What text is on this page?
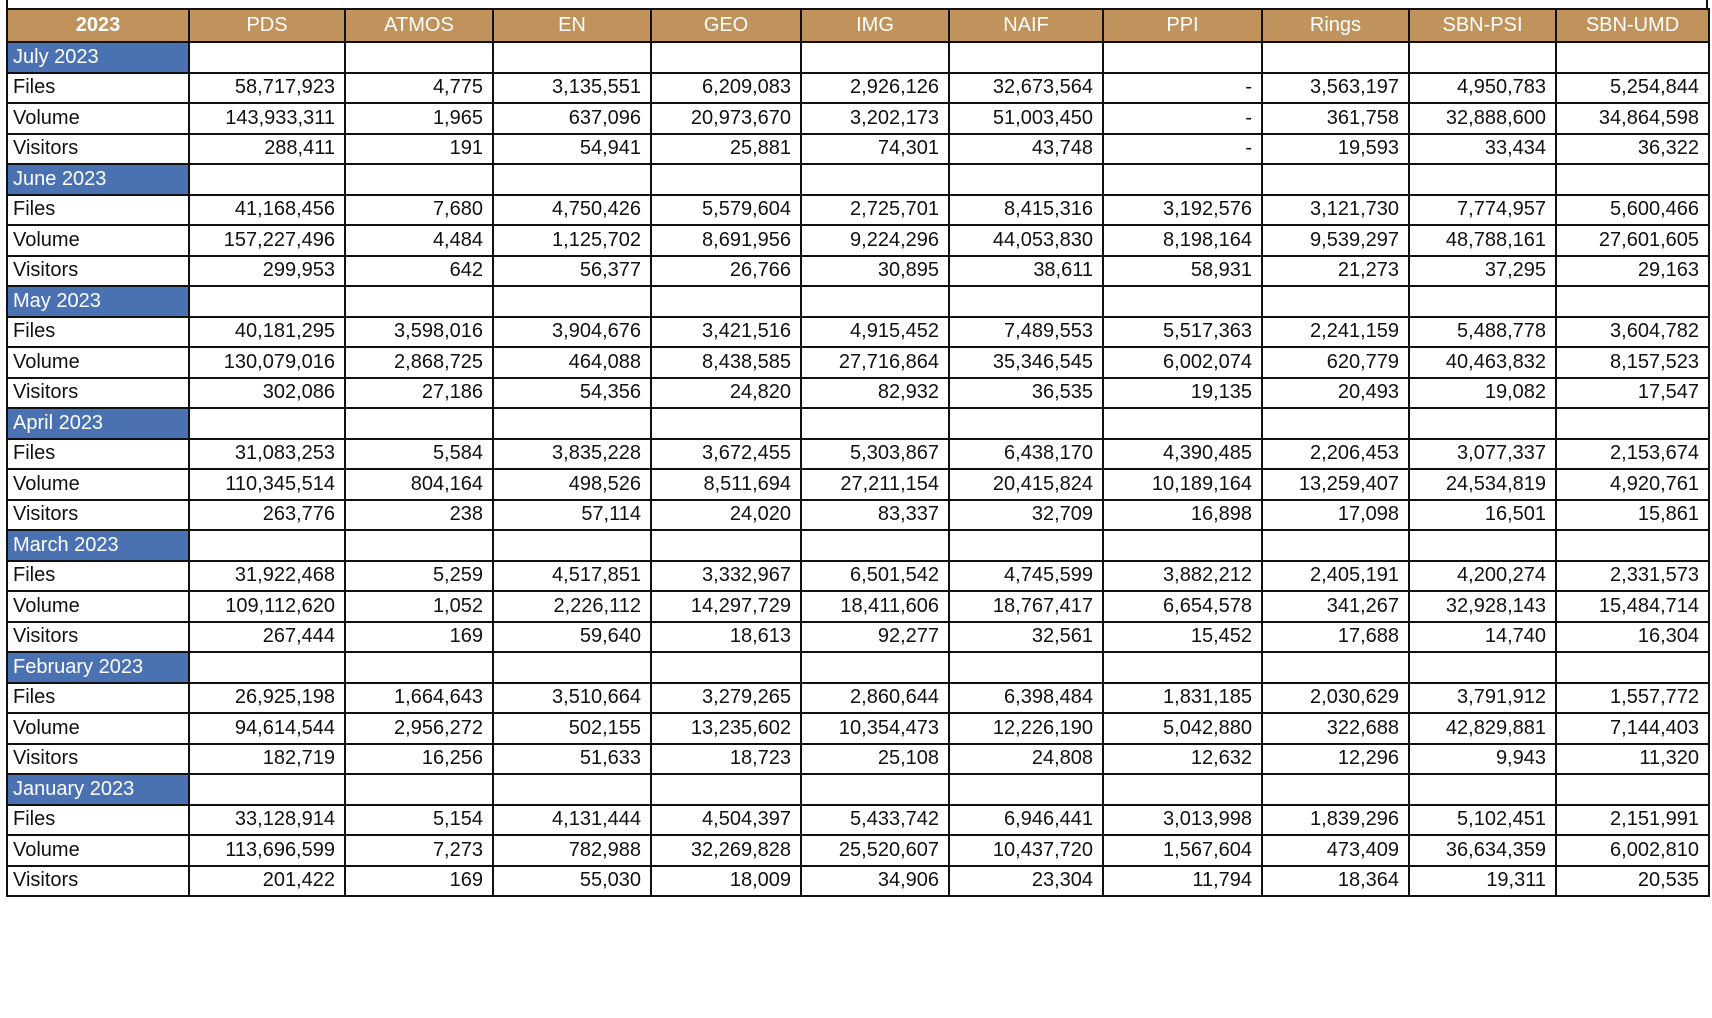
2023	PDS	ATMOS	EN	GEO	IMG	NAIF	PPI	Rings	SBN-PSI	SBN-UMD
July 2023										
Files	58,717,923	4,775	3,135,551	6,209,083	2,926,126	32,673,564	-	3,563,197	4,950,783	5,254,844
Volume	143,933,311	1,965	637,096	20,973,670	3,202,173	51,003,450	-	361,758	32,888,600	34,864,598
Visitors	288,411	191	54,941	25,881	74,301	43,748	-	19,593	33,434	36,322
June 2023										
Files	41,168,456	7,680	4,750,426	5,579,604	2,725,701	8,415,316	3,192,576	3,121,730	7,774,957	5,600,466
Volume	157,227,496	4,484	1,125,702	8,691,956	9,224,296	44,053,830	8,198,164	9,539,297	48,788,161	27,601,605
Visitors	299,953	642	56,377	26,766	30,895	38,611	58,931	21,273	37,295	29,163
May 2023										
Files	40,181,295	3,598,016	3,904,676	3,421,516	4,915,452	7,489,553	5,517,363	2,241,159	5,488,778	3,604,782
Volume	130,079,016	2,868,725	464,088	8,438,585	27,716,864	35,346,545	6,002,074	620,779	40,463,832	8,157,523
Visitors	302,086	27,186	54,356	24,820	82,932	36,535	19,135	20,493	19,082	17,547
April 2023										
Files	31,083,253	5,584	3,835,228	3,672,455	5,303,867	6,438,170	4,390,485	2,206,453	3,077,337	2,153,674
Volume	110,345,514	804,164	498,526	8,511,694	27,211,154	20,415,824	10,189,164	13,259,407	24,534,819	4,920,761
Visitors	263,776	238	57,114	24,020	83,337	32,709	16,898	17,098	16,501	15,861
March 2023										
Files	31,922,468	5,259	4,517,851	3,332,967	6,501,542	4,745,599	3,882,212	2,405,191	4,200,274	2,331,573
Volume	109,112,620	1,052	2,226,112	14,297,729	18,411,606	18,767,417	6,654,578	341,267	32,928,143	15,484,714
Visitors	267,444	169	59,640	18,613	92,277	32,561	15,452	17,688	14,740	16,304
February 2023										
Files	26,925,198	1,664,643	3,510,664	3,279,265	2,860,644	6,398,484	1,831,185	2,030,629	3,791,912	1,557,772
Volume	94,614,544	2,956,272	502,155	13,235,602	10,354,473	12,226,190	5,042,880	322,688	42,829,881	7,144,403
Visitors	182,719	16,256	51,633	18,723	25,108	24,808	12,632	12,296	9,943	11,320
January 2023										
Files	33,128,914	5,154	4,131,444	4,504,397	5,433,742	6,946,441	3,013,998	1,839,296	5,102,451	2,151,991
Volume	113,696,599	7,273	782,988	32,269,828	25,520,607	10,437,720	1,567,604	473,409	36,634,359	6,002,810
Visitors	201,422	169	55,030	18,009	34,906	23,304	11,794	18,364	19,311	20,535
